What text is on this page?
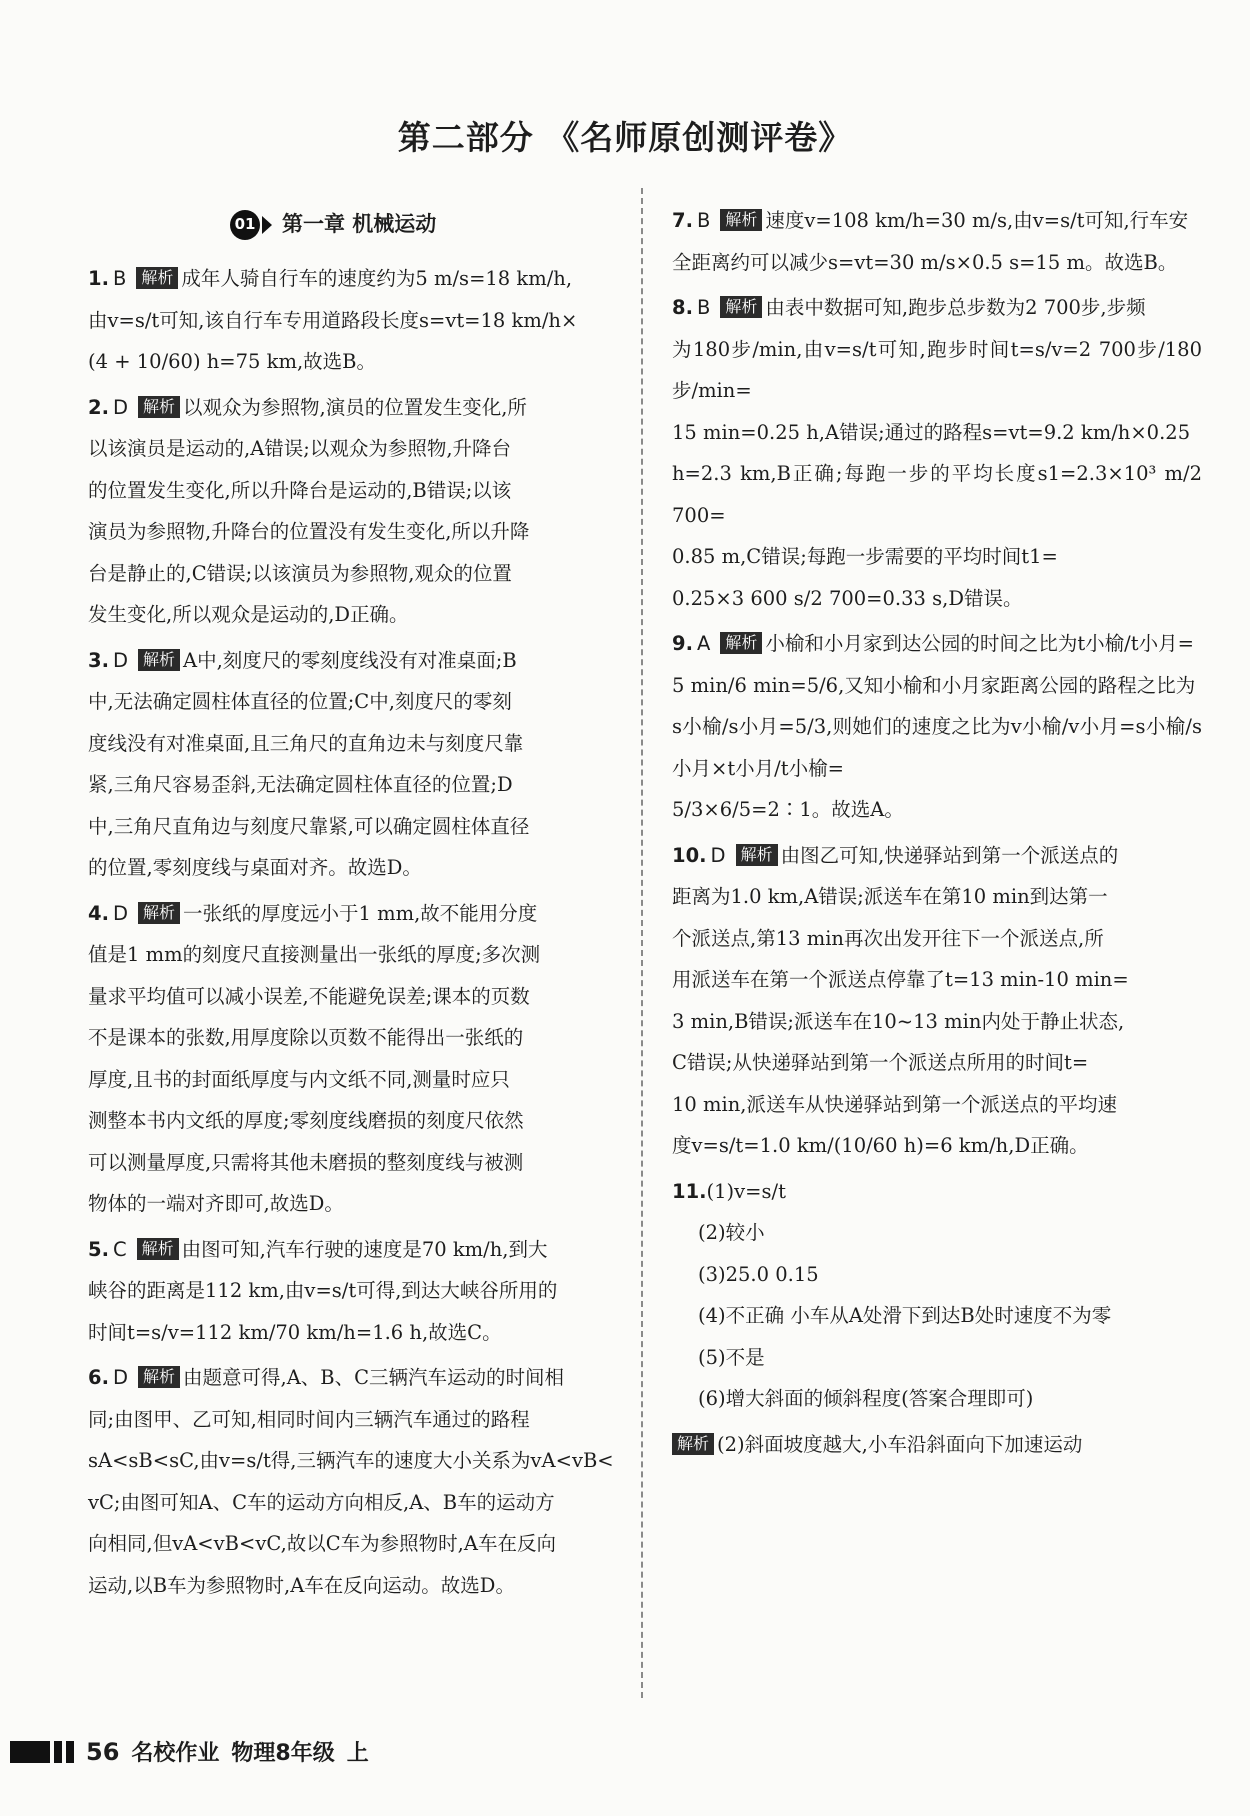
第二部分 《名师原创测评卷》
01 第一章 机械运动
1. B 解析 成年人骑自行车的速度约为5 m/s=18 km/h,
由v=s/t可知,该自行车专用道路段长度s=vt=18 km/h×
(4 + 10/60) h=75 km,故选B。
2. D 解析 以观众为参照物,演员的位置发生变化,所
以该演员是运动的,A错误;以观众为参照物,升降台
的位置发生变化,所以升降台是运动的,B错误;以该
演员为参照物,升降台的位置没有发生变化,所以升降
台是静止的,C错误;以该演员为参照物,观众的位置
发生变化,所以观众是运动的,D正确。
3. D 解析 A中,刻度尺的零刻度线没有对准桌面;B
中,无法确定圆柱体直径的位置;C中,刻度尺的零刻
度线没有对准桌面,且三角尺的直角边未与刻度尺靠
紧,三角尺容易歪斜,无法确定圆柱体直径的位置;D
中,三角尺直角边与刻度尺靠紧,可以确定圆柱体直径
的位置,零刻度线与桌面对齐。故选D。
4. D 解析 一张纸的厚度远小于1 mm,故不能用分度
值是1 mm的刻度尺直接测量出一张纸的厚度;多次测
量求平均值可以减小误差,不能避免误差;课本的页数
不是课本的张数,用厚度除以页数不能得出一张纸的
厚度,且书的封面纸厚度与内文纸不同,测量时应只
测整本书内文纸的厚度;零刻度线磨损的刻度尺依然
可以测量厚度,只需将其他未磨损的整刻度线与被测
物体的一端对齐即可,故选D。
5. C 解析 由图可知,汽车行驶的速度是70 km/h,到大
峡谷的距离是112 km,由v=s/t可得,到达大峡谷所用的
时间t=s/v=112 km/70 km/h=1.6 h,故选C。
6. D 解析 由题意可得,A、B、C三辆汽车运动的时间相
同;由图甲、乙可知,相同时间内三辆汽车通过的路程
sA<sB<sC,由v=s/t得,三辆汽车的速度大小关系为vA<vB<
vC;由图可知A、C车的运动方向相反,A、B车的运动方
向相同,但vA<vB<vC,故以C车为参照物时,A车在反向
运动,以B车为参照物时,A车在反向运动。故选D。
7. B 解析 速度v=108 km/h=30 m/s,由v=s/t可知,行车安
全距离约可以减少s=vt=30 m/s×0.5 s=15 m。故选B。
8. B 解析 由表中数据可知,跑步总步数为2 700步,步频
为180步/min,由v=s/t可知,跑步时间t=s/v=2 700步/180步/min=
15 min=0.25 h,A错误;通过的路程s=vt=9.2 km/h×0.25
h=2.3 km,B正确;每跑一步的平均长度s1=2.3×10³ m/2 700=
0.85 m,C错误;每跑一步需要的平均时间t1=
0.25×3 600 s/2 700=0.33 s,D错误。
9. A 解析 小榆和小月家到达公园的时间之比为t小榆/t小月=
5 min/6 min=5/6,又知小榆和小月家距离公园的路程之比为
s小榆/s小月=5/3,则她们的速度之比为v小榆/v小月=s小榆/s小月×t小月/t小榆=
5/3×6/5=2∶1。故选A。
10. D 解析 由图乙可知,快递驿站到第一个派送点的
距离为1.0 km,A错误;派送车在第10 min到达第一
个派送点,第13 min再次出发开往下一个派送点,所
用派送车在第一个派送点停靠了t=13 min-10 min=
3 min,B错误;派送车在10~13 min内处于静止状态,
C错误;从快递驿站到第一个派送点所用的时间t=
10 min,派送车从快递驿站到第一个派送点的平均速
度v=s/t=1.0 km/(10/60 h)=6 km/h,D正确。
11.(1)v=s/t
(2)较小
(3)25.0 0.15
(4)不正确 小车从A处滑下到达B处时速度不为零
(5)不是
(6)增大斜面的倾斜程度(答案合理即可)
解析 (2)斜面坡度越大,小车沿斜面向下加速运动
56 名校作业 物理8年级 上
